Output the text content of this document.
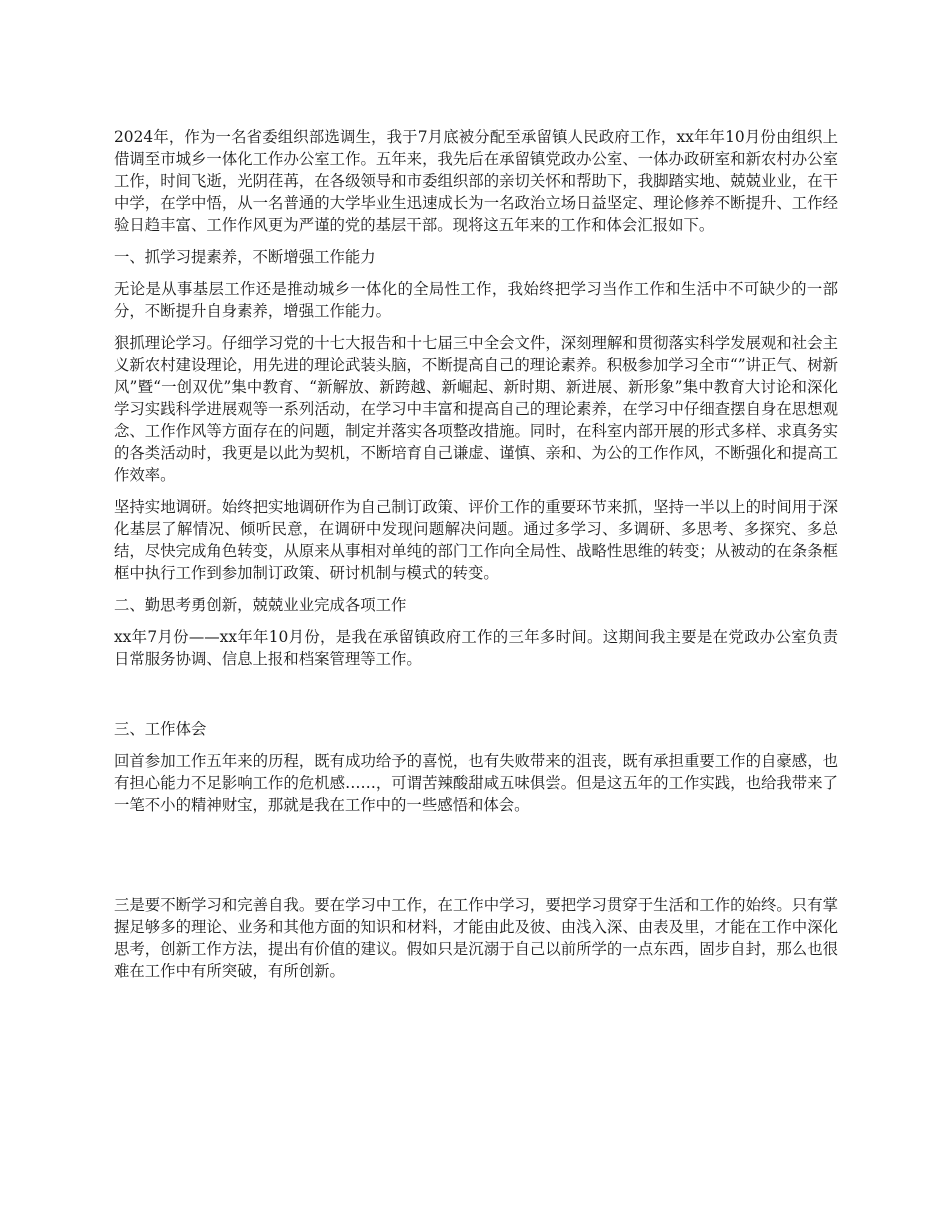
2024年，作为一名省委组织部选调生，我于7月底被分配至承留镇人民政府工作，xx年年10月份由组织上借调至市城乡一体化工作办公室工作。五年来，我先后在承留镇党政办公室、一体办政研室和新农村办公室工作，时间飞逝，光阴荏苒，在各级领导和市委组织部的亲切关怀和帮助下，我脚踏实地、兢兢业业，在干中学，在学中悟，从一名普通的大学毕业生迅速成长为一名政治立场日益坚定、理论修养不断提升、工作经验日趋丰富、工作作风更为严谨的党的基层干部。现将这五年来的工作和体会汇报如下。

一、抓学习提素养，不断增强工作能力

无论是从事基层工作还是推动城乡一体化的全局性工作，我始终把学习当作工作和生活中不可缺少的一部分，不断提升自身素养，增强工作能力。

狠抓理论学习。仔细学习党的十七大报告和十七届三中全会文件，深刻理解和贯彻落实科学发展观和社会主义新农村建设理论，用先进的理论武装头脑，不断提高自己的理论素养。积极参加学习全市“”讲正气、树新风”暨“一创双优”集中教育、“新解放、新跨越、新崛起、新时期、新进展、新形象”集中教育大讨论和深化学习实践科学进展观等一系列活动，在学习中丰富和提高自己的理论素养，在学习中仔细查摆自身在思想观念、工作作风等方面存在的问题，制定并落实各项整改措施。同时，在科室内部开展的形式多样、求真务实的各类活动时，我更是以此为契机，不断培育自己谦虚、谨慎、亲和、为公的工作作风，不断强化和提高工作效率。

坚持实地调研。始终把实地调研作为自己制订政策、评价工作的重要环节来抓，坚持一半以上的时间用于深化基层了解情况、倾听民意，在调研中发现问题解决问题。通过多学习、多调研、多思考、多探究、多总结，尽快完成角色转变，从原来从事相对单纯的部门工作向全局性、战略性思维的转变；从被动的在条条框框中执行工作到参加制订政策、研讨机制与模式的转变。

二、勤思考勇创新，兢兢业业完成各项工作

xx年7月份——xx年年10月份，是我在承留镇政府工作的三年多时间。这期间我主要是在党政办公室负责日常服务协调、信息上报和档案管理等工作。

三、工作体会

回首参加工作五年来的历程，既有成功给予的喜悦，也有失败带来的沮丧，既有承担重要工作的自豪感，也有担心能力不足影响工作的危机感……，可谓苦辣酸甜咸五味俱尝。但是这五年的工作实践，也给我带来了一笔不小的精神财宝，那就是我在工作中的一些感悟和体会。

三是要不断学习和完善自我。要在学习中工作，在工作中学习，要把学习贯穿于生活和工作的始终。只有掌握足够多的理论、业务和其他方面的知识和材料，才能由此及彼、由浅入深、由表及里，才能在工作中深化思考，创新工作方法，提出有价值的建议。假如只是沉溺于自己以前所学的一点东西，固步自封，那么也很难在工作中有所突破，有所创新。
